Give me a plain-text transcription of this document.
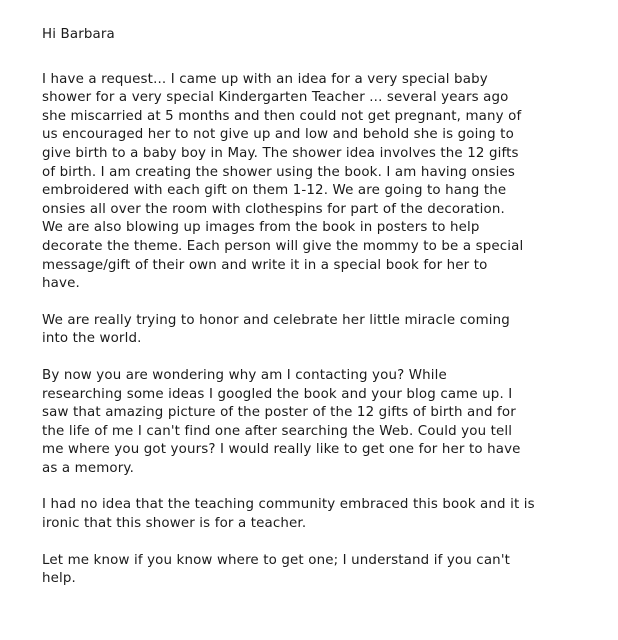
Hi Barbara
I have a request... I came up with an idea for a very special baby
shower for a very special Kindergarten Teacher ... several years ago
she miscarried at 5 months and then could not get pregnant, many of
us encouraged her to not give up and low and behold she is going to
give birth to a baby boy in May. The shower idea involves the 12 gifts
of birth. I am creating the shower using the book. I am having onsies
embroidered with each gift on them 1-12. We are going to hang the
onsies all over the room with clothespins for part of the decoration.
We are also blowing up images from the book in posters to help
decorate the theme. Each person will give the mommy to be a special
message/gift of their own and write it in a special book for her to
have.
We are really trying to honor and celebrate her little miracle coming
into the world.
By now you are wondering why am I contacting you? While
researching some ideas I googled the book and your blog came up. I
saw that amazing picture of the poster of the 12 gifts of birth and for
the life of me I can't find one after searching the Web. Could you tell
me where you got yours? I would really like to get one for her to have
as a memory.
I had no idea that the teaching community embraced this book and it is
ironic that this shower is for a teacher.
Let me know if you know where to get one; I understand if you can't
help.
